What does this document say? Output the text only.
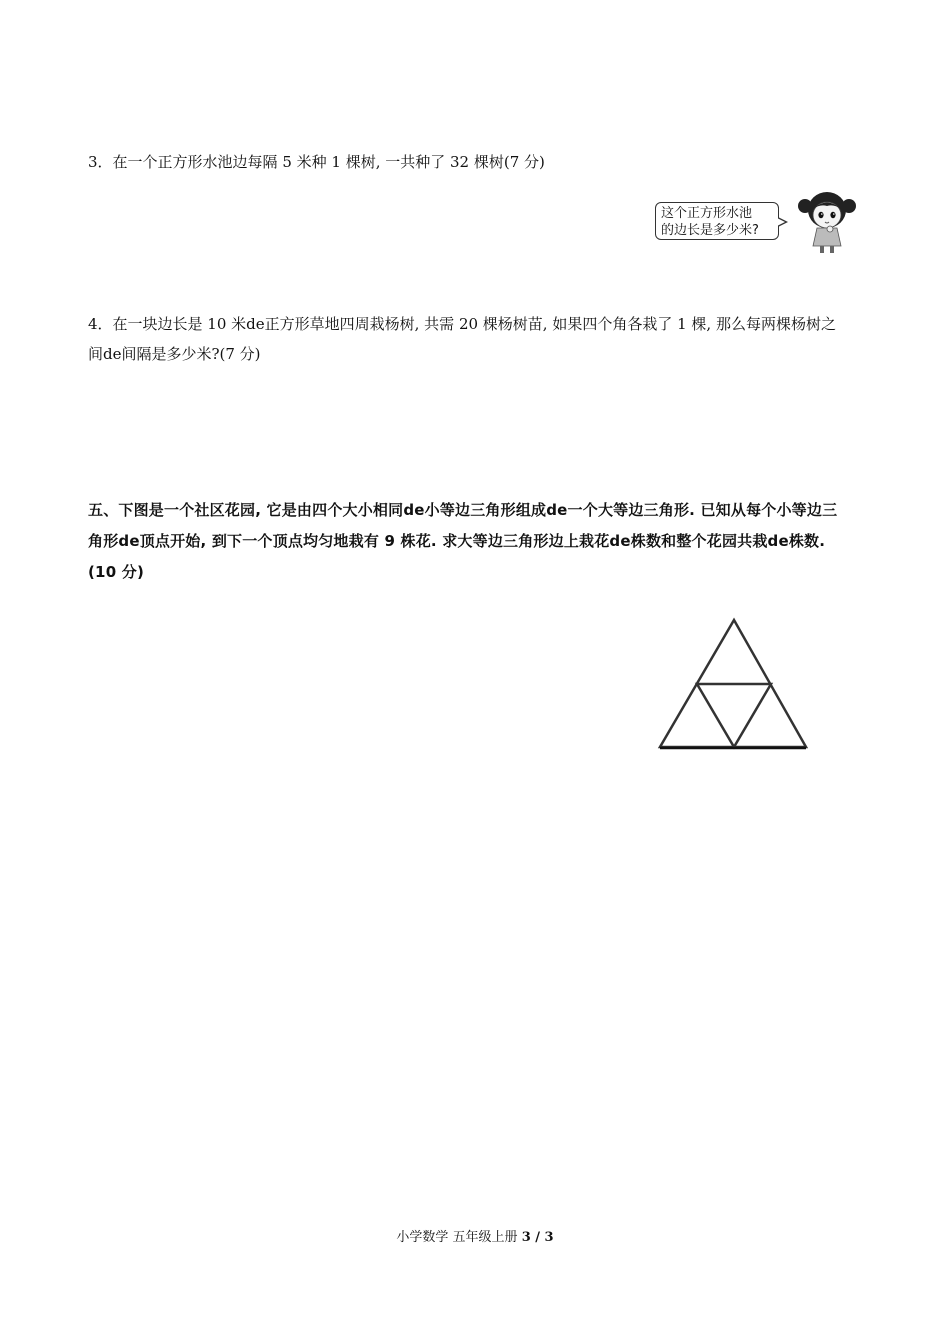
3．在一个正方形水池边每隔 5 米种 1 棵树, 一共种了 32 棵树(7 分)

这个正方形水池
的边长是多少米?

4．在一块边长是 10 米de正方形草地四周栽杨树, 共需 20 棵杨树苗, 如果四个角各栽了 1 棵, 那么每两棵杨树之间de间隔是多少米?(7 分)

五、下图是一个社区花园, 它是由四个大小相同de小等边三角形组成de一个大等边三角形. 已知从每个小等边三角形de顶点开始, 到下一个顶点均匀地栽有 9 株花. 求大等边三角形边上栽花de株数和整个花园共栽de株数.(10 分)

小学数学 五年级上册 3 / 3
